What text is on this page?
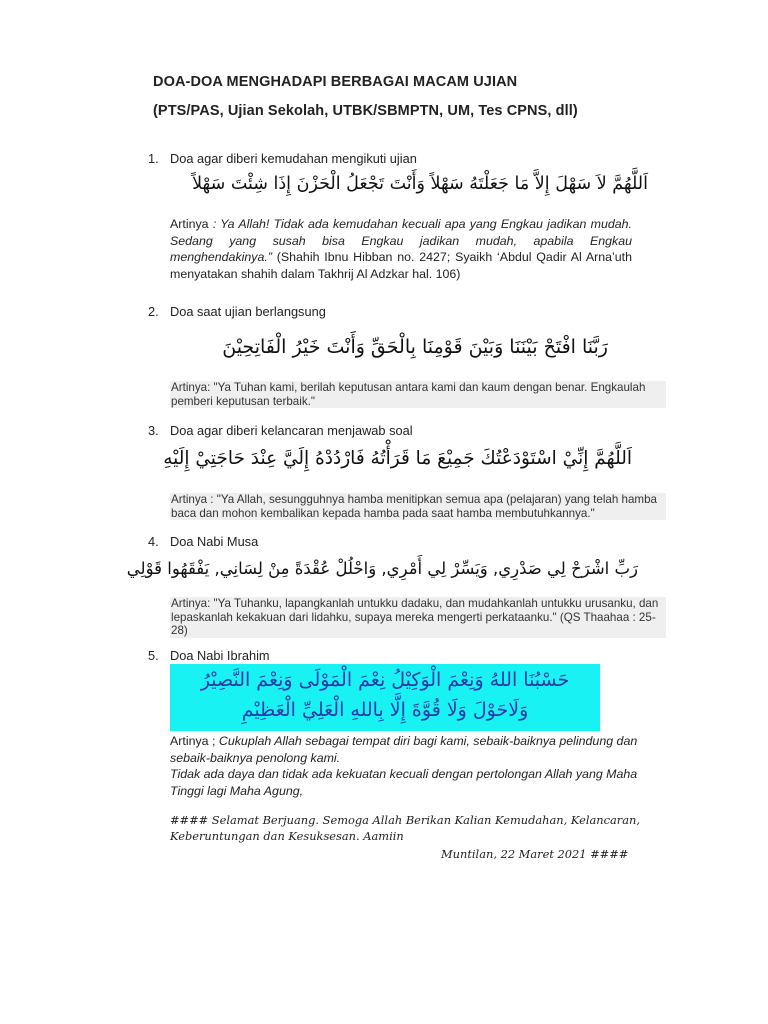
DOA-DOA MENGHADAPI BERBAGAI MACAM UJIAN
(PTS/PAS, Ujian Sekolah, UTBK/SBMPTN, UM, Tes CPNS, dll)
1. Doa agar diberi kemudahan mengikuti ujian
اَللَّهُمَّ لاَ سَهْلَ إِلاَّ مَا جَعَلْتَهُ سَهْلاً وَأَنْتَ تَجْعَلُ الْحَزْنَ إِذَا شِئْتَ سَهْلاً
Artinya : Ya Allah! Tidak ada kemudahan kecuali apa yang Engkau jadikan mudah. Sedang yang susah bisa Engkau jadikan mudah, apabila Engkau menghendakinya.” (Shahih Ibnu Hibban no. 2427; Syaikh ‘Abdul Qadir Al Arna’uth menyatakan shahih dalam Takhrij Al Adzkar hal. 106)
2. Doa saat ujian berlangsung
رَبَّنَا افْتَحْ بَيْنَنَا وَبَيْنَ قَوْمِنَا بِالْحَقِّ وَأَنْتَ خَيْرُ الْفَاتِحِيْنَ
Artinya: "Ya Tuhan kami, berilah keputusan antara kami dan kaum dengan benar. Engkaulah pemberi keputusan terbaik."
3. Doa agar diberi kelancaran menjawab soal
اَللَّهُمَّ إِنِّيْ اسْتَوْدَعْتُكَ جَمِيْعَ مَا قَرَأْتُهُ فَارْدُدْهُ إِلَيَّ عِنْدَ حَاجَتِيْ إِلَيْهِ
Artinya : "Ya Allah, sesungguhnya hamba menitipkan semua apa (pelajaran) yang telah hamba baca dan mohon kembalikan kepada hamba pada saat hamba membutuhkannya."
4. Doa Nabi Musa
رَبِّ اشْرَحْ لِي صَدْرِي, وَيَسِّرْ لِي أَمْرِي, وَاحْلُلْ عُقْدَةً مِنْ لِسَانِي, يَفْقَهُوا قَوْلِي
Artinya: "Ya Tuhanku, lapangkanlah untukku dadaku, dan mudahkanlah untukku urusanku, dan lepaskanlah kekakuan dari lidahku, supaya mereka mengerti perkataanku." (QS Thaahaa : 25-28)
5. Doa Nabi Ibrahim
حَسْبُنَا اللهُ وَنِعْمَ الْوَكِيْلُ نِعْمَ الْمَوْلَى وَنِعْمَ النَّصِيْرُ
وَلَاحَوْلَ وَلَا قُوَّةَ إِلَّا بِاللهِ الْعَلِيِّ الْعَظِيْمِ
Artinya ; Cukuplah Allah sebagai tempat diri bagi kami, sebaik-baiknya pelindung dan sebaik-baiknya penolong kami.
Tidak ada daya dan tidak ada kekuatan kecuali dengan pertolongan Allah yang Maha Tinggi lagi Maha Agung,
#### Selamat Berjuang. Semoga Allah Berikan Kalian Kemudahan, Kelancaran,
Keberuntungan dan Kesuksesan. Aamiin
Muntilan, 22 Maret 2021 ####
